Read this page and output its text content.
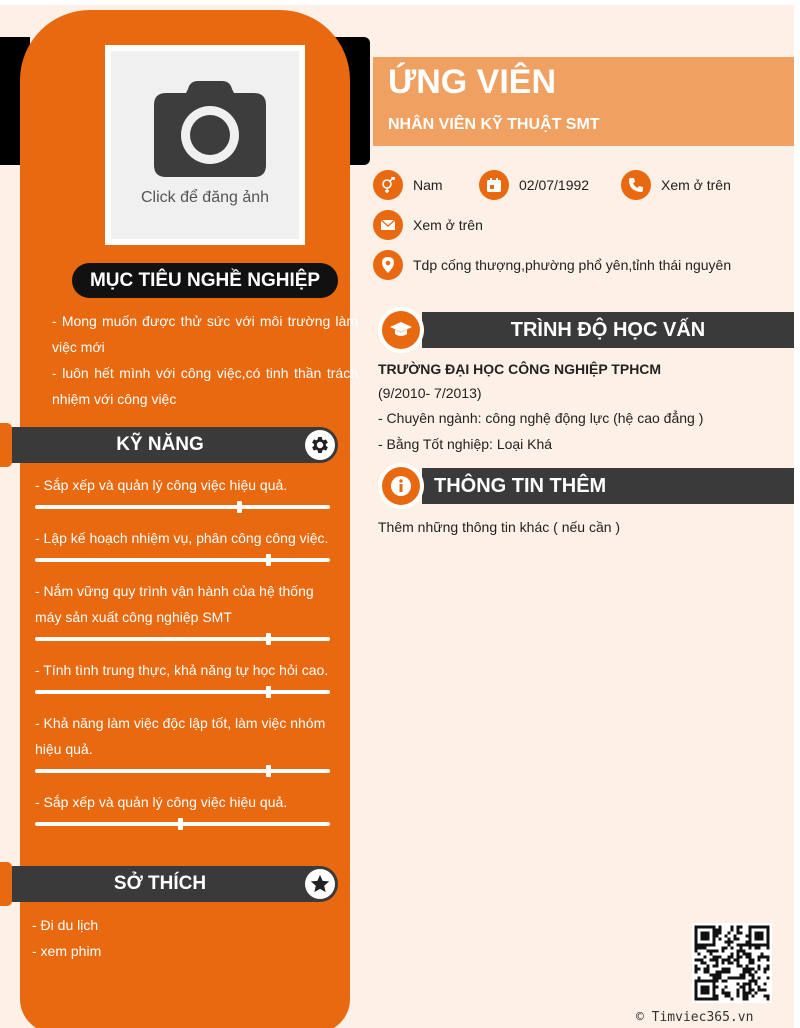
Click để đăng ảnh
MỤC TIÊU NGHỀ NGHIỆP
- Mong muốn được thử sức với môi trường làm việc mới
- luôn hết mình với công việc,có tinh thần trách nhiệm với công việc
KỸ NĂNG
- Sắp xếp và quản lý công việc hiệu quả.
- Lập kế hoạch nhiệm vụ, phân công công việc.
- Nắm vững quy trình vận hành của hệ thống máy sản xuất công nghiệp SMT
- Tính tình trung thực, khả năng tự học hỏi cao.
- Khả năng làm việc độc lập tốt, làm việc nhóm hiệu quả.
- Sắp xếp và quản lý công việc hiệu quả.
SỞ THÍCH
- Đi du lịch
- xem phim
ỨNG VIÊN
NHÂN VIÊN KỸ THUẬT SMT
Nam	02/07/1992	Xem ở trên
Xem ở trên
Tdp cống thượng,phường phổ yên,tỉnh thái nguyên
TRÌNH ĐỘ HỌC VẤN
TRƯỜNG ĐẠI HỌC CÔNG NGHIỆP TPHCM
(9/2010- 7/2013)
- Chuyên ngành: công nghệ động lực (hệ cao đẳng )
- Bằng Tốt nghiệp: Loại Khá
THÔNG TIN THÊM
Thêm những thông tin khác ( nếu cần )
© Timviec365.vn
